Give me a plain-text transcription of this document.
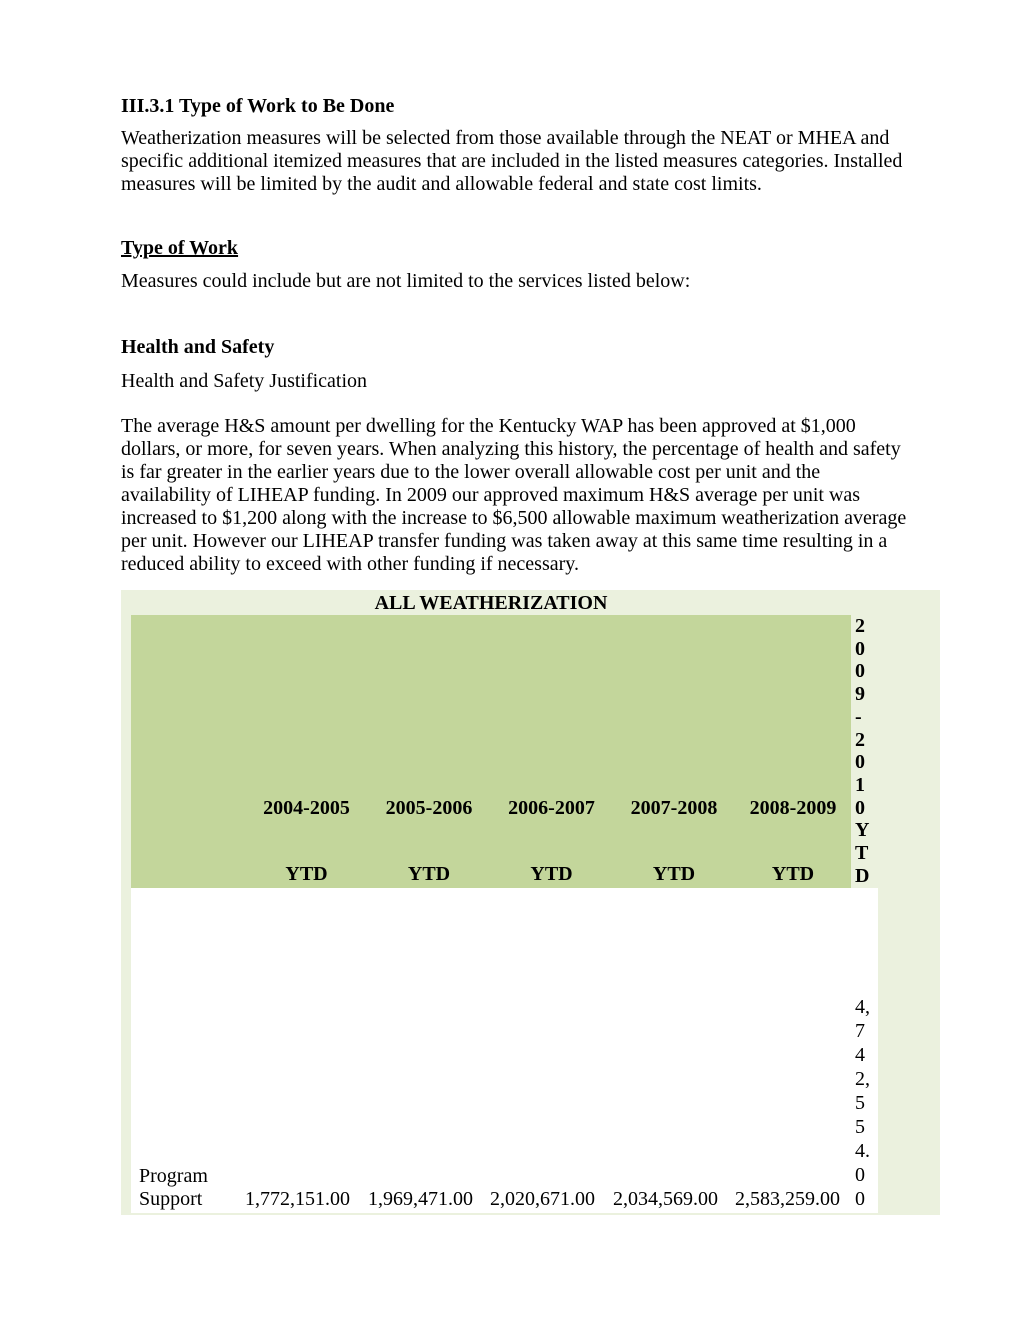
III.3.1 Type of Work to Be Done

Weatherization measures will be selected from those available through the NEAT or MHEA and specific additional itemized measures that are included in the listed measures categories. Installed measures will be limited by the audit and allowable federal and state cost limits.

Type of Work

Measures could include but are not limited to the services listed below:

Health and Safety

Health and Safety Justification

The average H&S amount per dwelling for the Kentucky WAP has been approved at $1,000 dollars, or more, for seven years. When analyzing this history, the percentage of health and safety is far greater in the earlier years due to the lower overall allowable cost per unit and the availability of LIHEAP funding. In 2009 our approved maximum H&S average per unit was increased to $1,200 along with the increase to $6,500 allowable maximum weatherization average per unit. However our LIHEAP transfer funding was taken away at this same time resulting in a reduced ability to exceed with other funding if necessary.

ALL WEATHERIZATION
2004-2005
YTD
2005-2006
YTD
2006-2007
YTD
2007-2008
YTD
2008-2009
YTD
2009-2010 YTD
Program Support	1,772,151.00 1,969,471.00 2,020,671.00 2,034,569.00 2,583,259.00
4,742,554.00
